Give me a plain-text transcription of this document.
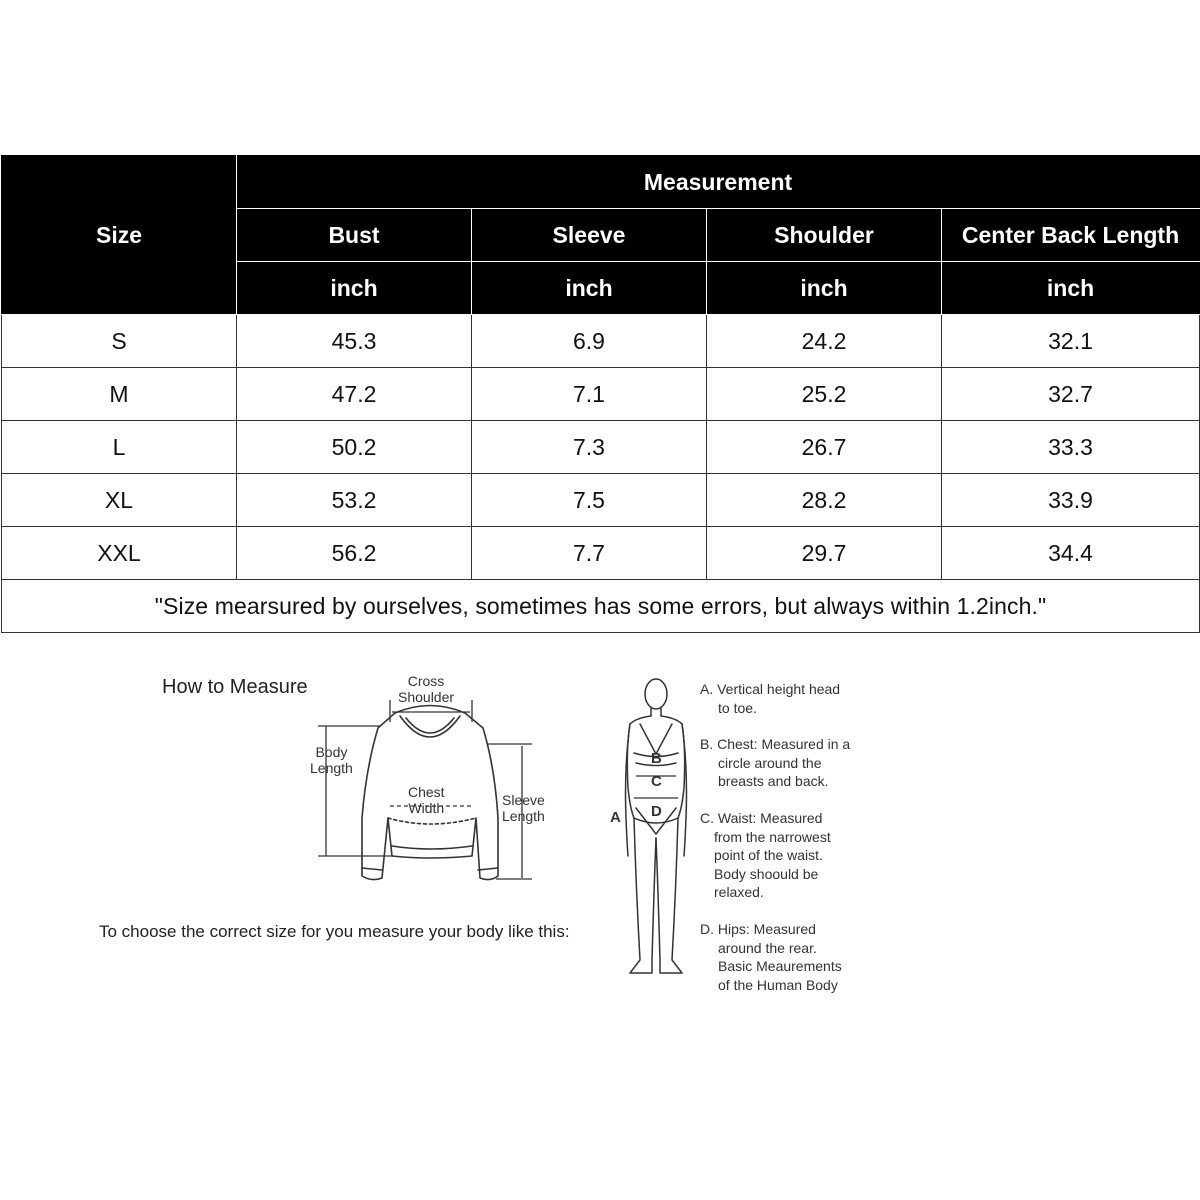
Size	Measurement			
	Bust	Sleeve	Shoulder	Center Back Length
	inch	inch	inch	inch
S	45.3	6.9	24.2	32.1
M	47.2	7.1	25.2	32.7
L	50.2	7.3	26.7	33.3
XL	53.2	7.5	28.2	33.9
XXL	56.2	7.7	29.7	34.4
"Size mearsured by ourselves, sometimes has some errors, but always within 1.2inch."				
How to Measure
To choose the correct size for you measure your body like this:
Cross
Shoulder
Body
Length
Chest
Width	Sleeve
Length
B
C
D
A
A. Vertical height head
to toe.
B. Chest: Measured in a
circle around the
breasts and back.
C. Waist: Measured
from the narrowest
point of the waist.
Body shoould be
relaxed.
D. Hips: Measured
around the rear.
Basic Meaurements
of the Human Body
